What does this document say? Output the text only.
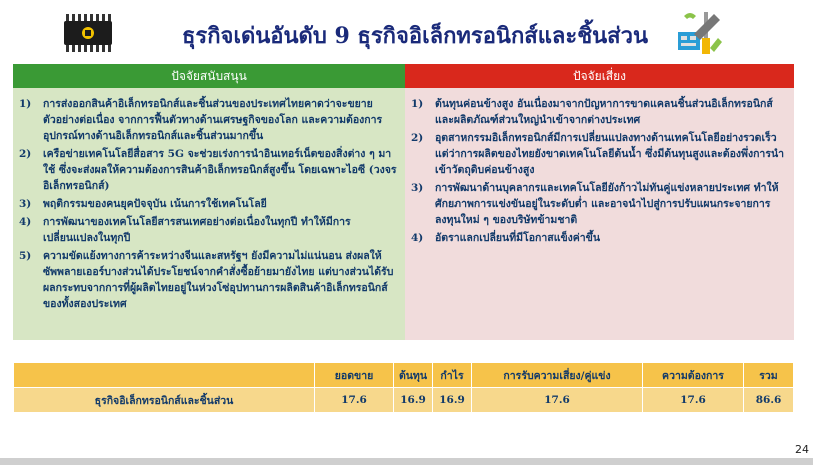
ธุรกิจเด่นอันดับ 9 ธุรกิจอิเล็กทรอนิกส์และชิ้นส่วน
ปัจจัยสนับสนุน	ปัจจัยเสี่ยง
1) การส่งออกสินค้าอิเล็กทรอนิกส์และชิ้นส่วนของประเทศไทยคาดว่าจะขยายตัวอย่างต่อเนื่อง จากการฟื้นตัวทางด้านเศรษฐกิจของโลก และความต้องการอุปกรณ์ทางด้านอิเล็กทรอนิกส์และชิ้นส่วนมากขึ้น
2) เครือข่ายเทคโนโลยีสื่อสาร 5G จะช่วยเร่งการนำอินเทอร์เน็ตของสิ่งต่าง ๆ มาใช้ ซึ่งจะส่งผลให้ความต้องการสินค้าอิเล็กทรอนิกส์สูงขึ้น โดยเฉพาะไอซี (วงจรอิเล็กทรอนิกส์)
3) พฤติกรรมของคนยุคปัจจุบัน เน้นการใช้เทคโนโลยี
4) การพัฒนาของเทคโนโลยีสารสนเทศอย่างต่อเนื่องในทุกปี ทำให้มีการเปลี่ยนแปลงในทุกปี
5) ความขัดแย้งทางการค้าระหว่างจีนและสหรัฐฯ ยังมีความไม่แน่นอน ส่งผลให้ซัพพลายเออร์บางส่วนได้ประโยชน์จากคำสั่งซื้อย้ายมายังไทย แต่บางส่วนได้รับผลกระทบจากการที่ผู้ผลิตไทยอยู่ในห่วงโซ่อุปทานการผลิตสินค้าอิเล็กทรอนิกส์ของทั้งสองประเทศ
1) ต้นทุนค่อนข้างสูง อันเนื่องมาจากปัญหาการขาดแคลนชิ้นส่วนอิเล็กทรอนิกส์และผลิตภัณฑ์ส่วนใหญ่นำเข้าจากต่างประเทศ
2) อุตสาหกรรมอิเล็กทรอนิกส์มีการเปลี่ยนแปลงทางด้านเทคโนโลยีอย่างรวดเร็ว แต่ว่าการผลิตของไทยยังขาดเทคโนโลยีต้นน้ำ ซึ่งมีต้นทุนสูงและต้องพึ่งการนำเข้าวัตถุดิบค่อนข้างสูง
3) การพัฒนาด้านบุคลากรและเทคโนโลยียังก้าวไม่ทันคู่แข่งหลายประเทศ ทำให้ศักยภาพการแข่งขันอยู่ในระดับต่ำ และอาจนำไปสู่การปรับแผนกระจายการลงทุนใหม่ ๆ ของบริษัทข้ามชาติ
4) อัตราแลกเปลี่ยนที่มีโอกาสแข็งค่าขึ้น
	ยอดขาย	ต้นทุน	กำไร	การรับความเสี่ยง/คู่แข่ง	ความต้องการ	รวม
ธุรกิจอิเล็กทรอนิกส์และชิ้นส่วน	17.6	16.9	16.9	17.6	17.6	86.6
24
